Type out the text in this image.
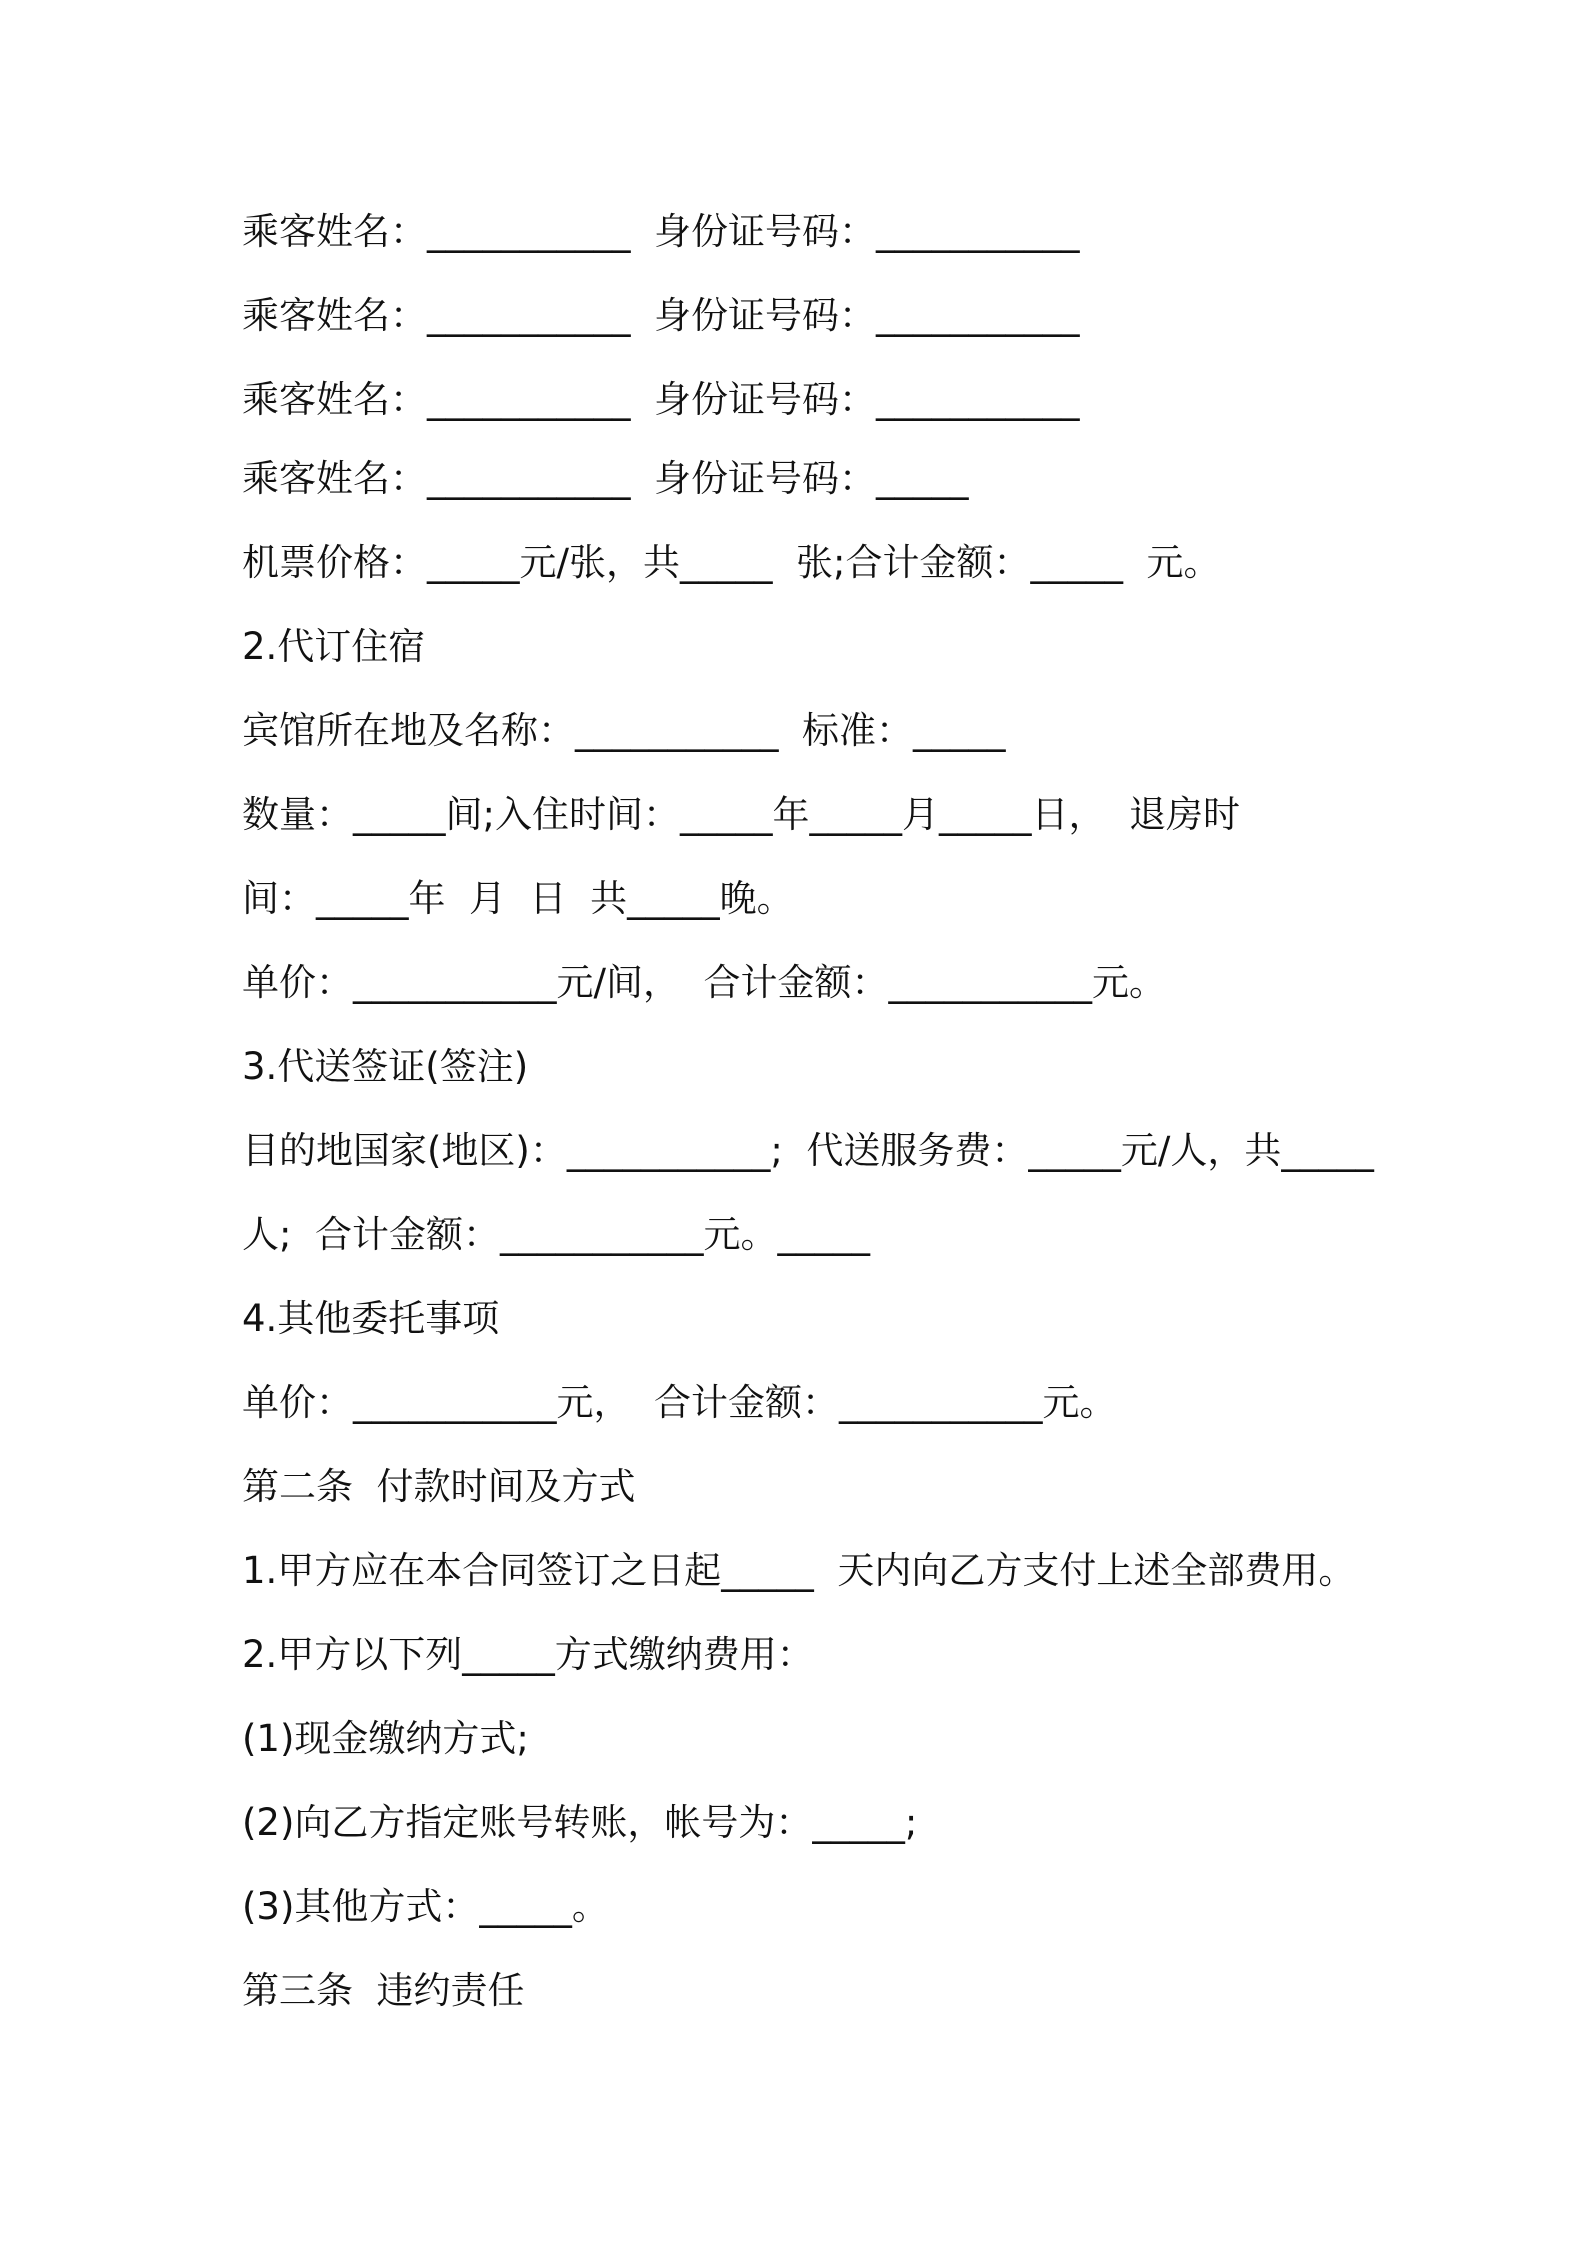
乘客姓名：___________  身份证号码：___________
乘客姓名：___________  身份证号码：___________
乘客姓名：___________  身份证号码：___________
乘客姓名：___________  身份证号码：_____
机票价格：_____元/张，共_____  张;合计金额：_____  元。
2.代订住宿
宾馆所在地及名称：___________  标准：_____
数量：_____间;入住时间：_____年_____月_____日，  退房时
间：_____年  月  日  共_____晚。
单价：___________元/间，  合计金额：___________元。
3.代送签证(签注)
目的地国家(地区)：___________;  代送服务费：_____元/人，共_____
人;  合计金额：___________元。_____
4.其他委托事项
单价：___________元，  合计金额：___________元。
第二条  付款时间及方式
1.甲方应在本合同签订之日起_____  天内向乙方支付上述全部费用。
2.甲方以下列_____方式缴纳费用：
(1)现金缴纳方式;
(2)向乙方指定账号转账，帐号为：_____;
(3)其他方式：_____。
第三条  违约责任
